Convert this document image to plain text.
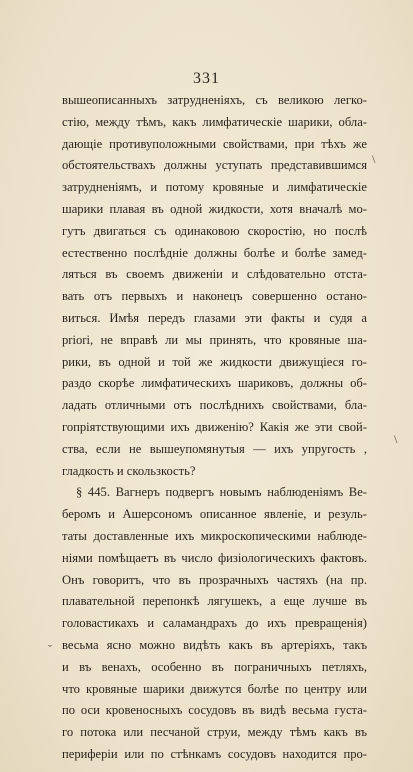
331
вышеописанныхъ затрудненіяхъ, съ великою легко-
стію, между тѣмъ, какъ лимфатическіе шарики, обла-
дающіе противуположными свойствами, при тѣхъ же
обстоятельствахъ должны уступать представившимся
затрудненіямъ, и потому кровяные и лимфатическіе
шарики плавая въ одной жидкости, хотя вначалѣ мо-
гутъ двигаться съ одинаковою скоростію, но послѣ
естественно послѣдніе должны болѣе и болѣе замед-
ляться въ своемъ движеніи и слѣдовательно отста-
вать отъ первыхъ и наконецъ совершенно остано-
виться. Имѣя передъ глазами эти факты и судя a
priori, не вправѣ ли мы принять, что кровяные ша-
рики, въ одной и той же жидкости движущіеся го-
раздо скорѣе лимфатическихъ шариковъ, должны об-
ладать отличными отъ послѣднихъ свойствами, бла-
гопріятствующими ихъ движенію? Какія же эти свой-
ства, если не вышеупомянутыя — ихъ упругость ,
гладкость и скользкость?
§ 445. Вагнеръ подвергъ новымъ наблюденіямъ Ве-
беромъ и Ашерсономъ описанное явленіе, и резуль-
таты доставленные ихъ микроскопическими наблюде-
ніями помѣщаетъ въ число физіологическихъ фактовъ.
Онъ говоритъ, что въ прозрачныхъ частяхъ (на пр.
плавательной перепонкѣ лягушекъ, а еще лучше въ
головастикахъ и саламандрахъ до ихъ превращенія)
весьма ясно можно видѣть какъ въ артеріяхъ, такъ
и въ венахъ, особенно въ пограничныхъ петляхъ,
что кровяные шарики движутся болѣе по центру или
по оси кровеносныхъ сосудовъ въ видѣ весьма густа-
го потока или песчаной струи, между тѣмъ какъ въ
периферіи или по стѣнкамъ сосудовъ находится про-
\
\
˘
